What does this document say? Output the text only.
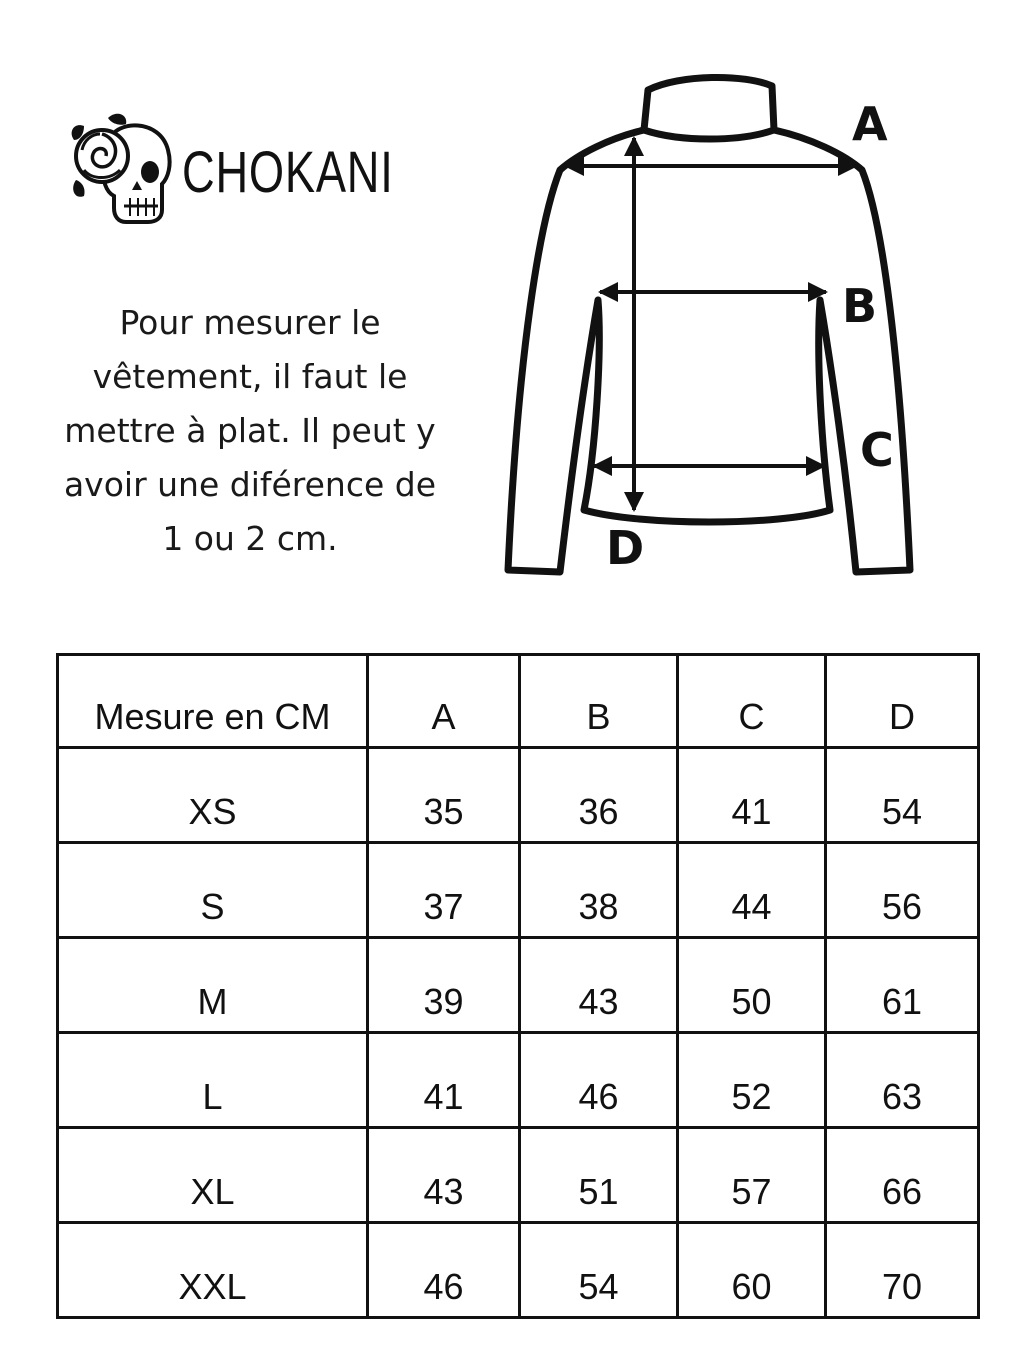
CHOKANI
Pour mesurer le vêtement, il faut le mettre à plat. Il peut y avoir une diférence de 1 ou 2 cm.
A
B
C
D
Mesure en CM	A	B	C	D
XS	35	36	41	54
S	37	38	44	56
M	39	43	50	61
L	41	46	52	63
XL	43	51	57	66
XXL	46	54	60	70
